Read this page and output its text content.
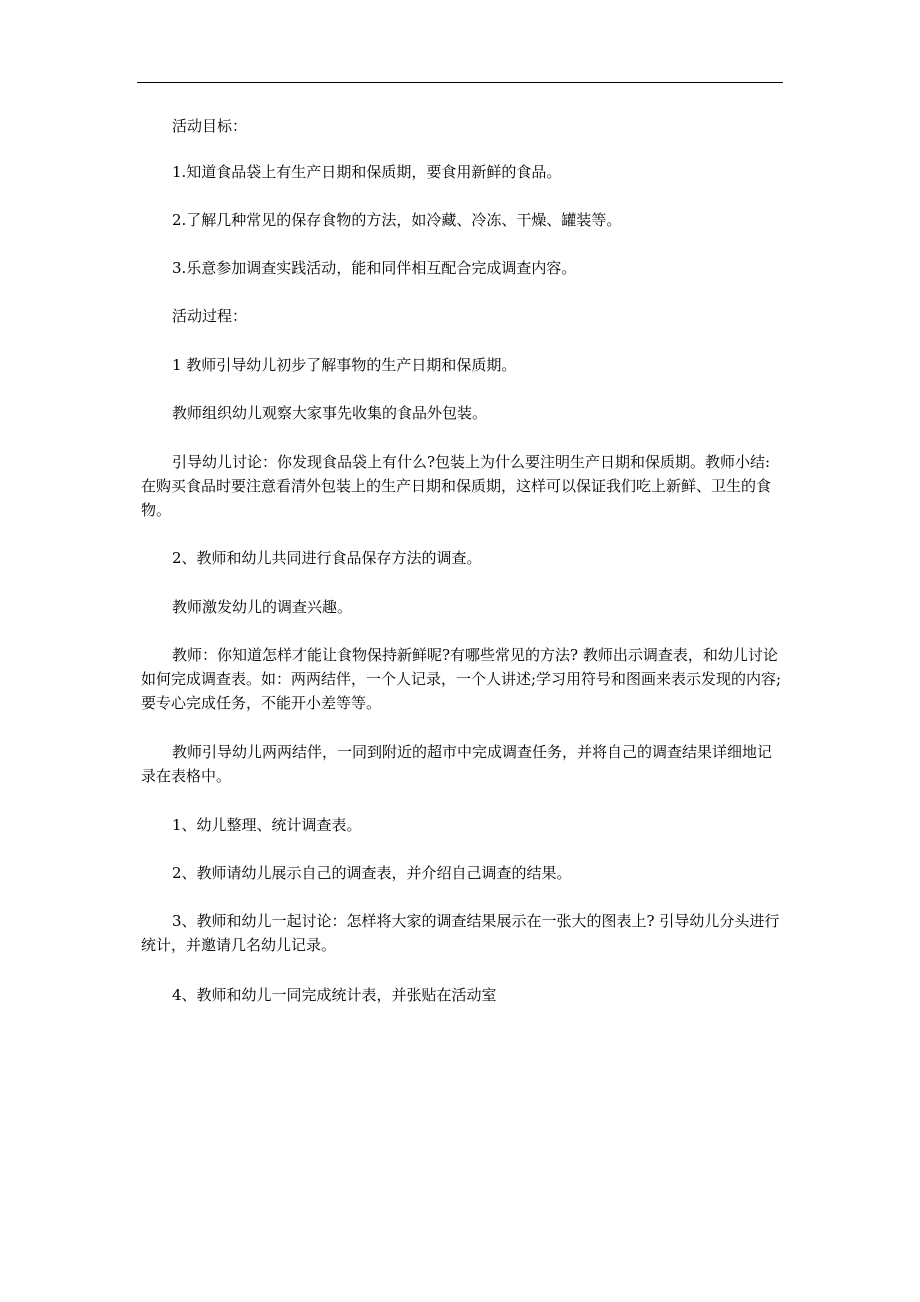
活动目标：

1.知道食品袋上有生产日期和保质期，要食用新鲜的食品。

2.了解几种常见的保存食物的方法，如冷藏、冷冻、干燥、罐装等。

3.乐意参加调查实践活动，能和同伴相互配合完成调查内容。

活动过程：

1 教师引导幼儿初步了解事物的生产日期和保质期。

教师组织幼儿观察大家事先收集的食品外包装。

引导幼儿讨论：你发现食品袋上有什么?包装上为什么要注明生产日期和保质期。教师小结:在购买食品时要注意看清外包装上的生产日期和保质期，这样可以保证我们吃上新鲜、卫生的食物。

2、教师和幼儿共同进行食品保存方法的调查。

教师激发幼儿的调查兴趣。

教师：你知道怎样才能让食物保持新鲜呢?有哪些常见的方法? 教师出示调查表，和幼儿讨论如何完成调查表。如：两两结伴，一个人记录，一个人讲述;学习用符号和图画来表示发现的内容;要专心完成任务，不能开小差等等。

教师引导幼儿两两结伴，一同到附近的超市中完成调查任务，并将自己的调查结果详细地记录在表格中。

1、幼儿整理、统计调查表。

2、教师请幼儿展示自己的调查表，并介绍自己调查的结果。

3、教师和幼儿一起讨论：怎样将大家的调查结果展示在一张大的图表上? 引导幼儿分头进行统计，并邀请几名幼儿记录。

4、教师和幼儿一同完成统计表，并张贴在活动室
